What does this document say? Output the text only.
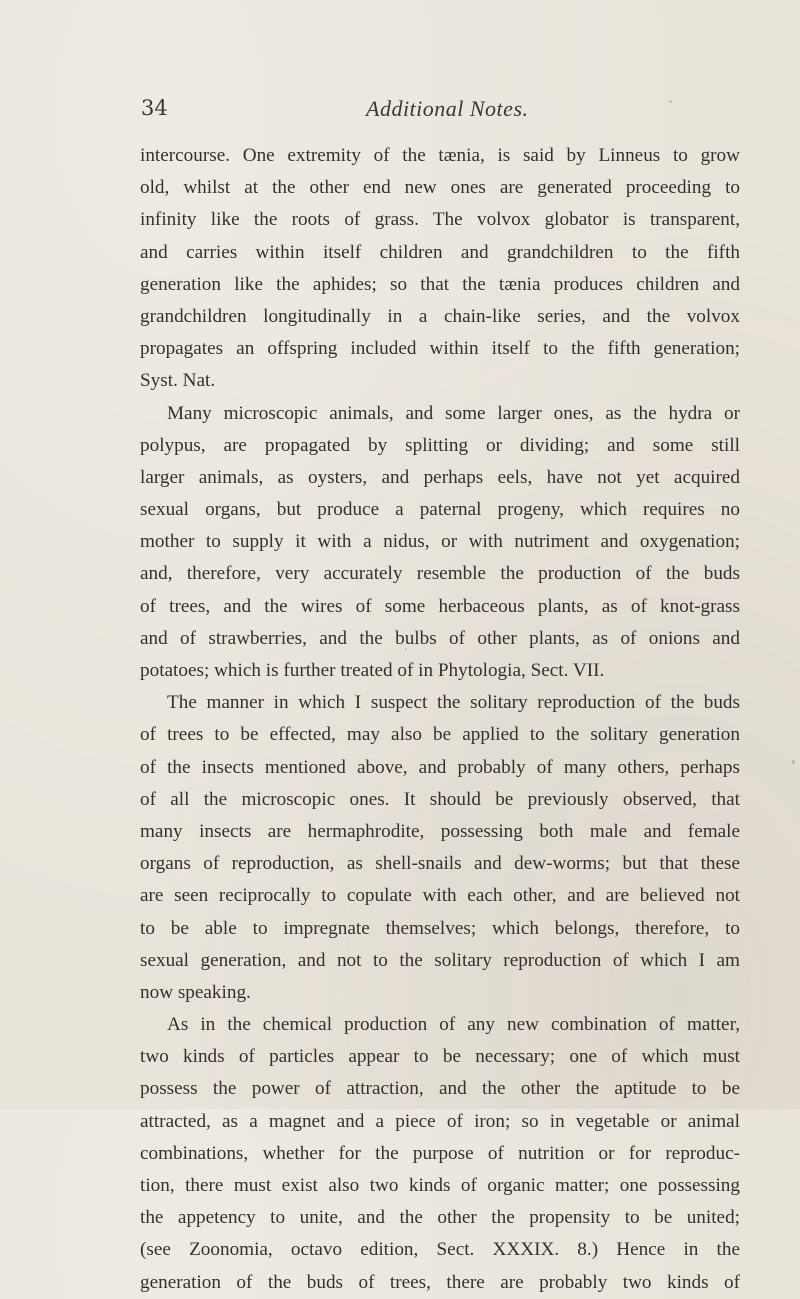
34	Additional Notes.
intercourse. One extremity of the tænia, is said by Linneus to grow
old, whilst at the other end new ones are generated proceeding to
infinity like the roots of grass. The volvox globator is transparent,
and carries within itself children and grandchildren to the fifth
generation like the aphides; so that the tænia produces children and
grandchildren longitudinally in a chain-like series, and the volvox
propagates an offspring included within itself to the fifth generation;
Syst. Nat.
Many microscopic animals, and some larger ones, as the hydra or
polypus, are propagated by splitting or dividing; and some still
larger animals, as oysters, and perhaps eels, have not yet acquired
sexual organs, but produce a paternal progeny, which requires no
mother to supply it with a nidus, or with nutriment and oxygenation;
and, therefore, very accurately resemble the production of the buds
of trees, and the wires of some herbaceous plants, as of knot-grass
and of strawberries, and the bulbs of other plants, as of onions and
potatoes; which is further treated of in Phytologia, Sect. VII.
The manner in which I suspect the solitary reproduction of the buds
of trees to be effected, may also be applied to the solitary generation
of the insects mentioned above, and probably of many others, perhaps
of all the microscopic ones. It should be previously observed, that
many insects are hermaphrodite, possessing both male and female
organs of reproduction, as shell-snails and dew-worms; but that these
are seen reciprocally to copulate with each other, and are believed not
to be able to impregnate themselves; which belongs, therefore, to
sexual generation, and not to the solitary reproduction of which I am
now speaking.
As in the chemical production of any new combination of matter,
two kinds of particles appear to be necessary; one of which must
possess the power of attraction, and the other the aptitude to be
attracted, as a magnet and a piece of iron; so in vegetable or animal
combinations, whether for the purpose of nutrition or for reproduc-
tion, there must exist also two kinds of organic matter; one possessing
the appetency to unite, and the other the propensity to be united;
(see Zoonomia, octavo edition, Sect. XXXIX. 8.) Hence in the
generation of the buds of trees, there are probably two kinds of
